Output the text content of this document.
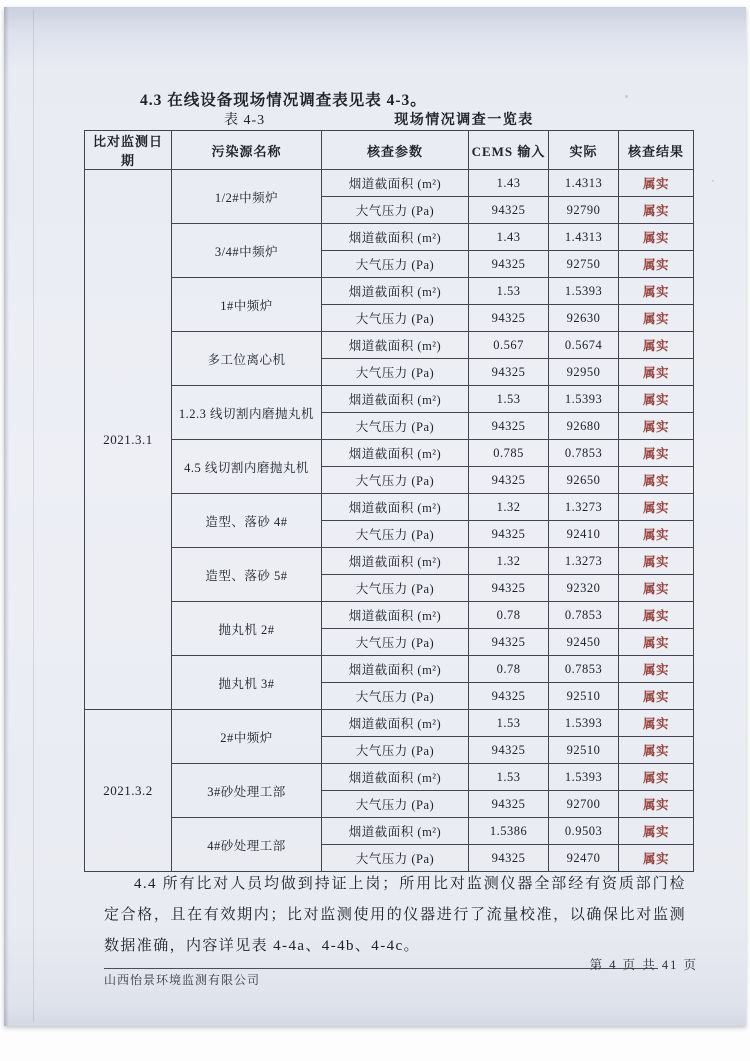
4.3 在线设备现场情况调查表见表 4-3。
表 4-3	现场情况调查一览表
比对监测日期	污染源名称	核查参数	CEMS 输入	实际	核查结果
2021.3.1	1/2#中频炉	烟道截面积 (m²)	1.43	1.4313	属实
		大气压力 (Pa)	94325	92790	属实
	3/4#中频炉	烟道截面积 (m²)	1.43	1.4313	属实
		大气压力 (Pa)	94325	92750	属实
	1#中频炉	烟道截面积 (m²)	1.53	1.5393	属实
		大气压力 (Pa)	94325	92630	属实
	多工位离心机	烟道截面积 (m²)	0.567	0.5674	属实
		大气压力 (Pa)	94325	92950	属实
	1.2.3 线切割内磨抛丸机	烟道截面积 (m²)	1.53	1.5393	属实
		大气压力 (Pa)	94325	92680	属实
	4.5 线切割内磨抛丸机	烟道截面积 (m²)	0.785	0.7853	属实
		大气压力 (Pa)	94325	92650	属实
	造型、落砂 4#	烟道截面积 (m²)	1.32	1.3273	属实
		大气压力 (Pa)	94325	92410	属实
	造型、落砂 5#	烟道截面积 (m²)	1.32	1.3273	属实
		大气压力 (Pa)	94325	92320	属实
	抛丸机 2#	烟道截面积 (m²)	0.78	0.7853	属实
		大气压力 (Pa)	94325	92450	属实
	抛丸机 3#	烟道截面积 (m²)	0.78	0.7853	属实
		大气压力 (Pa)	94325	92510	属实
2021.3.2	2#中频炉	烟道截面积 (m²)	1.53	1.5393	属实
		大气压力 (Pa)	94325	92510	属实
	3#砂处理工部	烟道截面积 (m²)	1.53	1.5393	属实
		大气压力 (Pa)	94325	92700	属实
	4#砂处理工部	烟道截面积 (m²)	1.5386	0.9503	属实
		大气压力 (Pa)	94325	92470	属实
4.4 所有比对人员均做到持证上岗；所用比对监测仪器全部经有资质部门检定合格，且在有效期内；比对监测使用的仪器进行了流量校准，以确保比对监测数据准确，内容详见表 4-4a、4-4b、4-4c。
山西怡景环境监测有限公司
第 4 页 共 41 页
